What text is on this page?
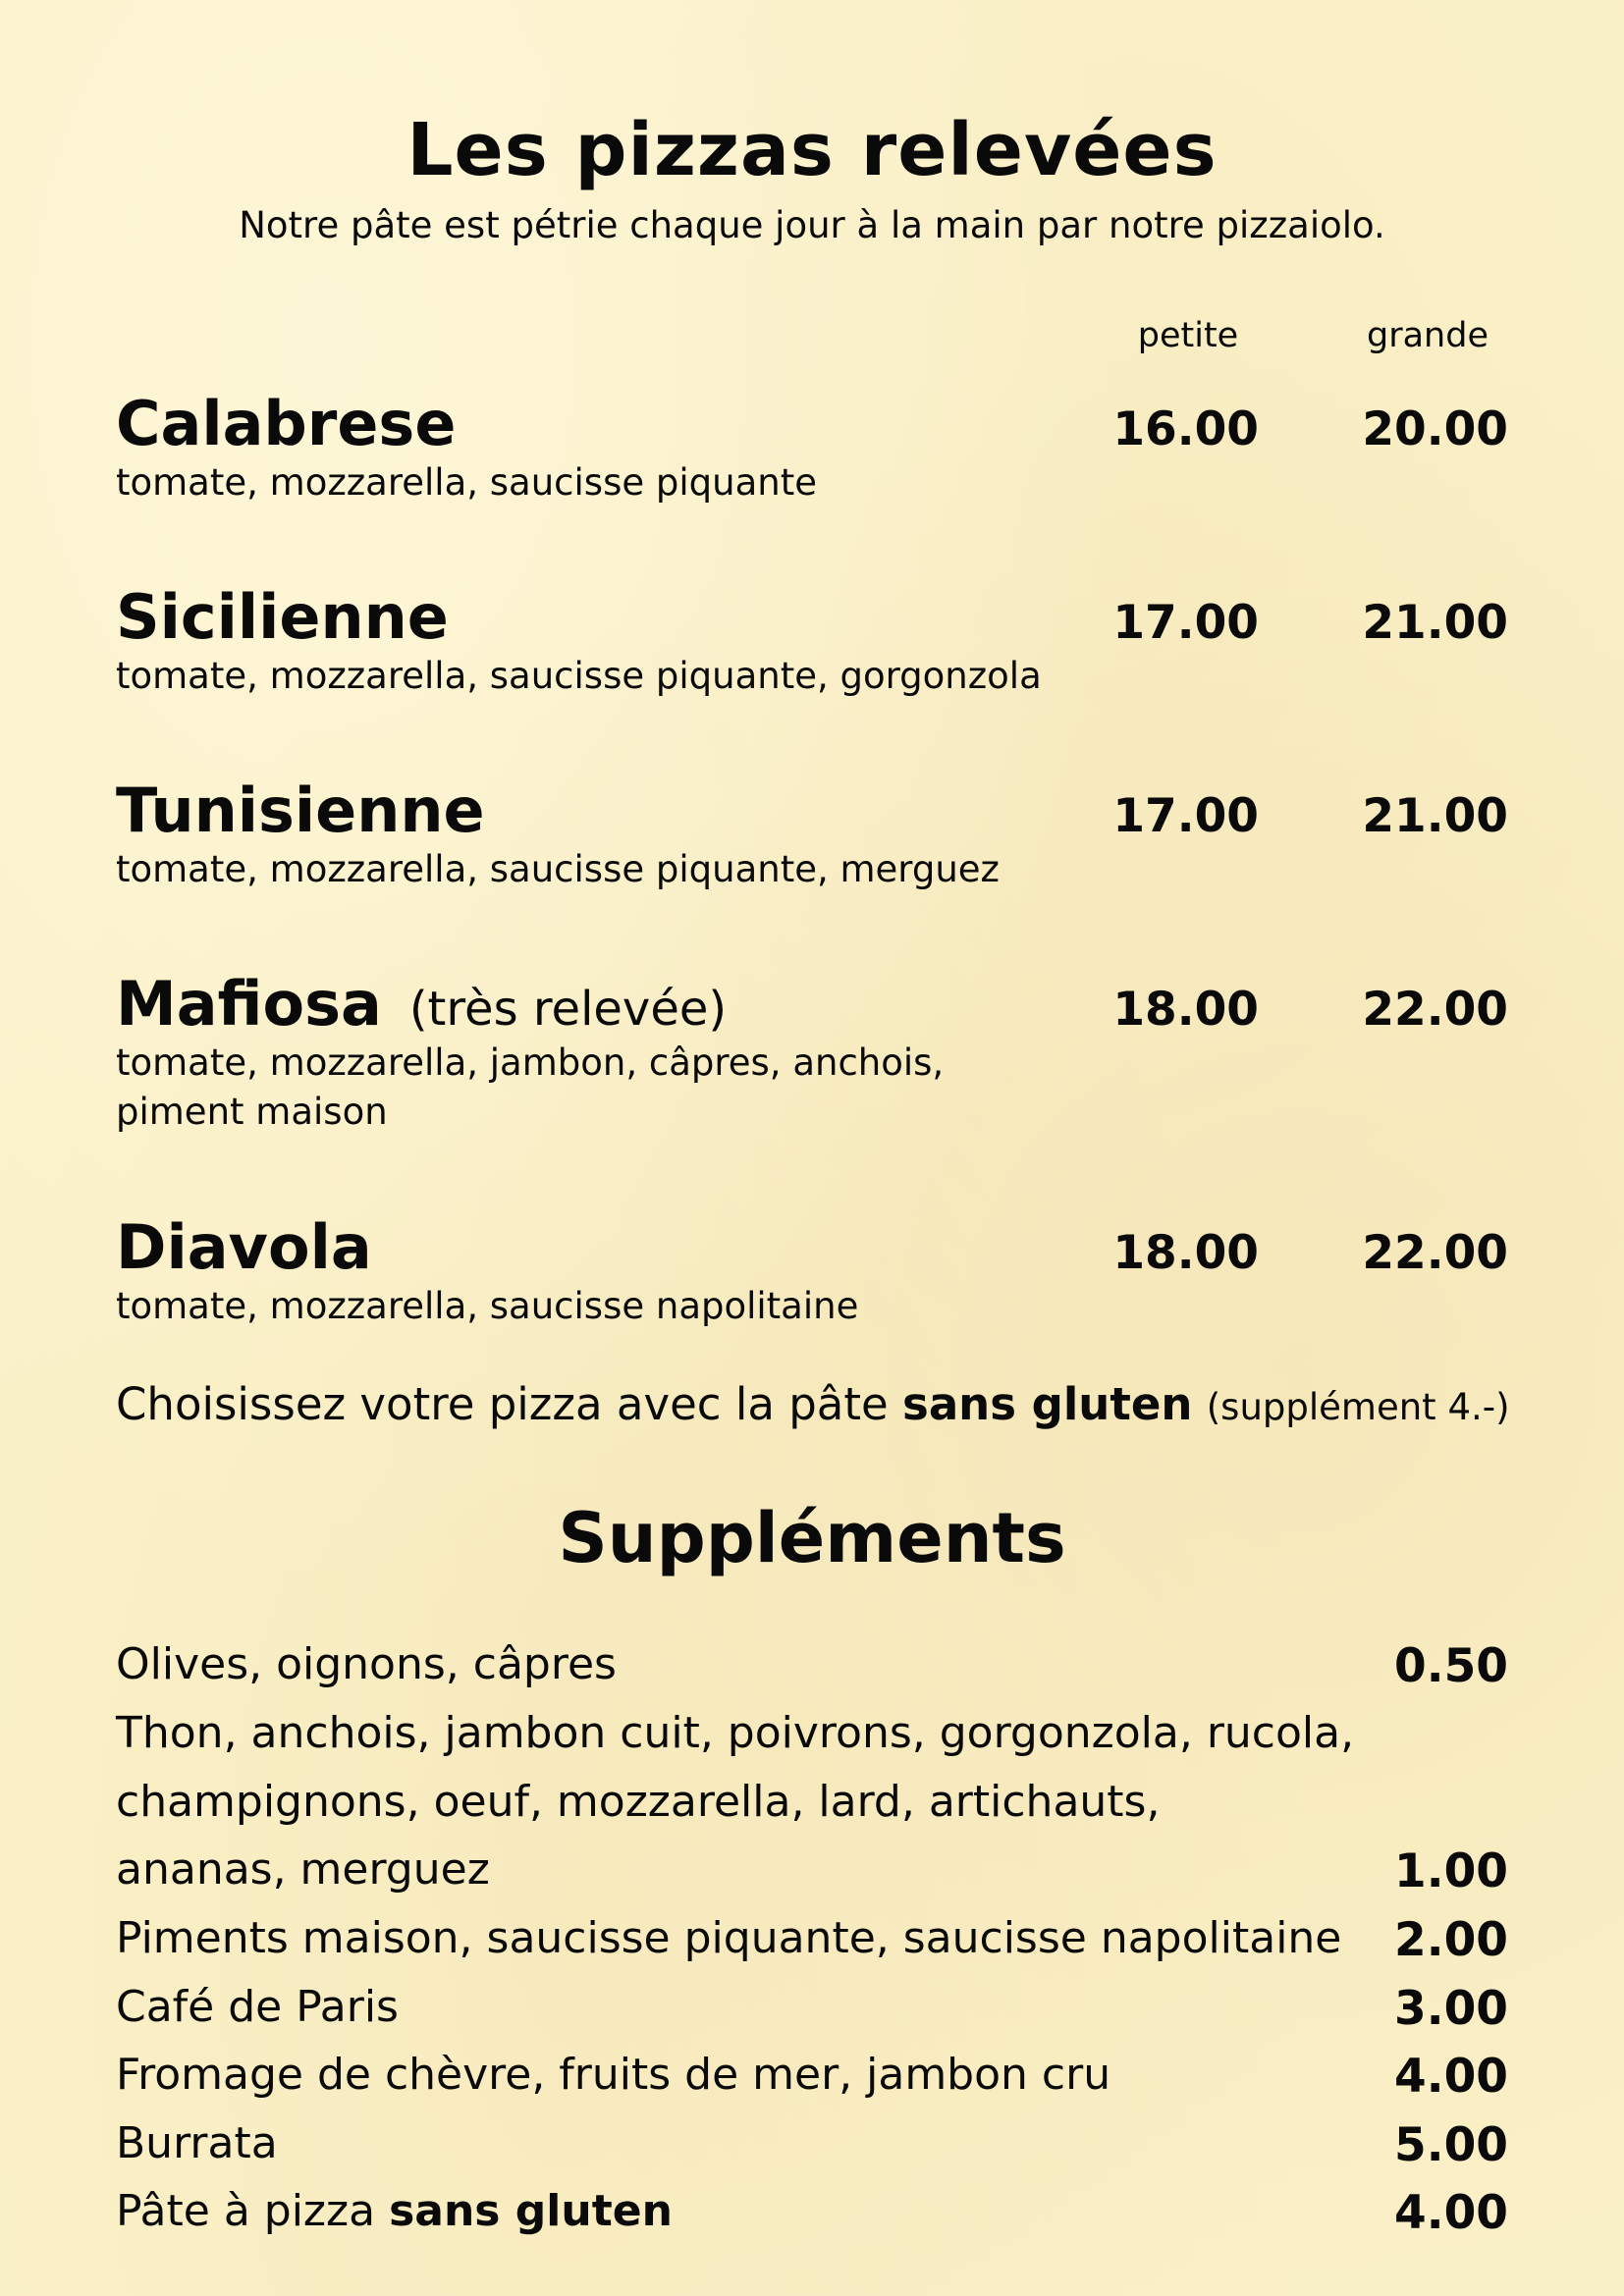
Les pizzas relevées
Notre pâte est pétrie chaque jour à la main par notre pizzaiolo.
petite	grande
Calabrese
tomate, mozzarella, saucisse piquante
16.00	20.00
Sicilienne
tomate, mozzarella, saucisse piquante, gorgonzola
17.00	21.00
Tunisienne
tomate, mozzarella, saucisse piquante, merguez
17.00	21.00
Mafiosa (très relevée)
tomate, mozzarella, jambon, câpres, anchois,
piment maison
18.00	22.00
Diavola
tomate, mozzarella, saucisse napolitaine
18.00	22.00
Choisissez votre pizza avec la pâte sans gluten (supplément 4.-)
Suppléments
Olives, oignons, câpres	0.50
Thon, anchois, jambon cuit, poivrons, gorgonzola, rucola,
champignons, oeuf, mozzarella, lard, artichauts,
ananas, merguez	1.00
Piments maison, saucisse piquante, saucisse napolitaine	2.00
Café de Paris	3.00
Fromage de chèvre, fruits de mer, jambon cru	4.00
Burrata	5.00
Pâte à pizza sans gluten	4.00
